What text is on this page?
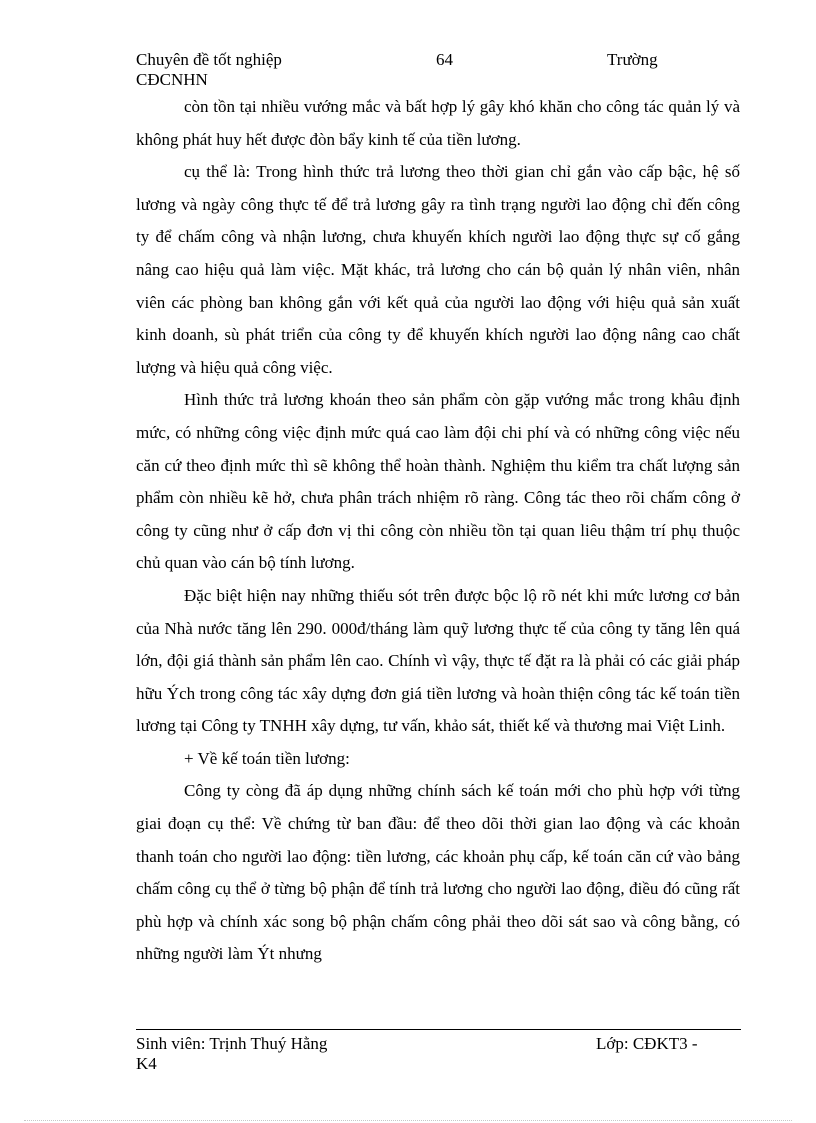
Chuyên đề tốt nghiệp	64	Trường
CĐCNHN

còn tồn tại nhiều vướng mắc và bất hợp lý gây khó khăn cho công tác quản lý và không phát huy hết được đòn bẩy kinh tế của tiền lương.

cụ thể là: Trong hình thức trả lương theo thời gian chỉ gắn vào cấp bậc, hệ số lương và ngày công thực tế để trả lương gây ra tình trạng người lao động chỉ đến công ty để chấm công và nhận lương, chưa khuyến khích người lao động thực sự cố gắng nâng cao hiệu quả làm việc. Mặt khác, trả lương cho cán bộ quản lý nhân viên, nhân viên các phòng ban không gắn với kết quả của người lao động với hiệu quả sản xuất kinh doanh, sù phát triển của công ty để khuyến khích người lao động nâng cao chất lượng và hiệu quả công việc.

Hình thức trả lương khoán theo sản phẩm còn gặp vướng mắc trong khâu định mức, có những công việc định mức quá cao làm đội chi phí và có những công việc nếu căn cứ theo định mức thì sẽ không thể hoàn thành. Nghiệm thu kiểm tra chất lượng sản phẩm còn nhiều kẽ hở, chưa phân trách nhiệm rõ ràng. Công tác theo rõi chấm công ở công ty cũng như ở cấp đơn vị thi công còn nhiều tồn tại quan liêu thậm trí phụ thuộc chủ quan vào cán bộ tính lương.

Đặc biệt hiện nay những thiếu sót trên được bộc lộ rõ nét khi mức lương cơ bản của Nhà nước tăng lên 290. 000đ/tháng làm quỹ lương thực tế của công ty tăng lên quá lớn, đội giá thành sản phẩm lên cao. Chính vì vậy, thực tế đặt ra là phải có các giải pháp hữu Ých trong công tác xây dựng đơn giá tiền lương và hoàn thiện công tác kế toán tiền lương tại Công ty TNHH xây dựng, tư vấn, khảo sát, thiết kế và thương mai Việt Linh.

+ Về kế toán tiền lương:

Công ty còng đã áp dụng những chính sách kế toán mới cho phù hợp với từng giai đoạn cụ thể: Về chứng từ ban đầu: để theo dõi thời gian lao động và các khoản thanh toán cho người lao động: tiền lương, các khoản phụ cấp, kế toán căn cứ vào bảng chấm công cụ thể ở từng bộ phận để tính trả lương cho người lao động, điều đó cũng rất phù hợp và chính xác song bộ phận chấm công phải theo dõi sát sao và công bằng, có những người làm Ýt nhưng

Sinh viên: Trịnh Thuý Hằng	Lớp: CĐKT3 -
K4
